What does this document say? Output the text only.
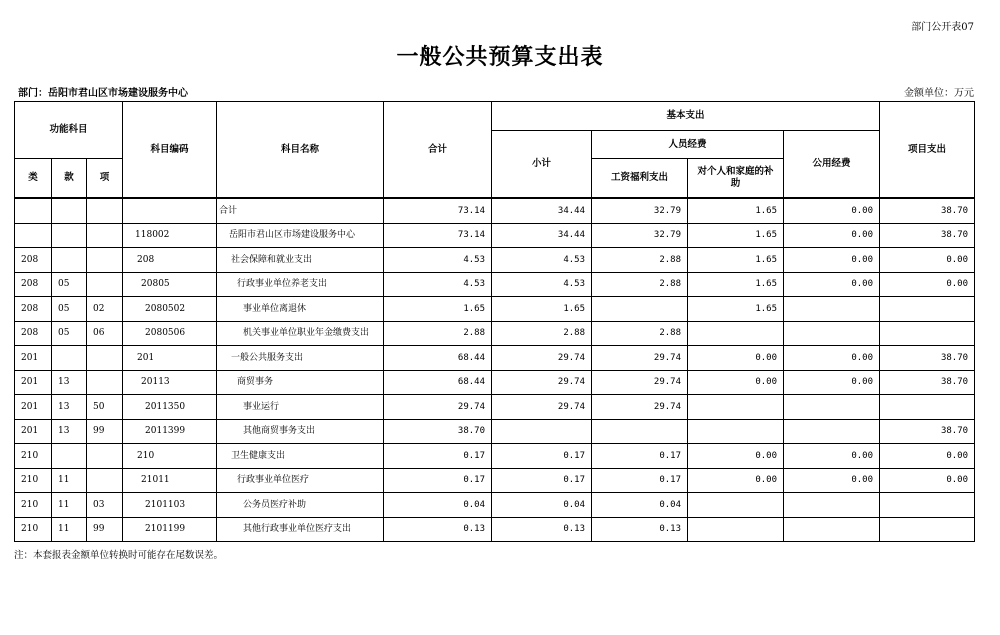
部门公开表07
一般公共预算支出表
部门：岳阳市君山区市场建设服务中心	金额单位：万元
功能科目			科目编码	科目名称	合计	基本支出				项目支出
						小计	人员经费		公用经费	
类	款	项					工资福利支出	对个人和家庭的补助		
				合计	73.14	34.44	32.79	1.65	0.00	38.70
			118002	岳阳市君山区市场建设服务中心	73.14	34.44	32.79	1.65	0.00	38.70
208			208	社会保障和就业支出	4.53	4.53	2.88	1.65	0.00	0.00
208	05		20805	行政事业单位养老支出	4.53	4.53	2.88	1.65	0.00	0.00
208	05	02	2080502	事业单位离退休	1.65	1.65		1.65		
208	05	06	2080506	机关事业单位职业年金缴费支出	2.88	2.88	2.88			
201			201	一般公共服务支出	68.44	29.74	29.74	0.00	0.00	38.70
201	13		20113	商贸事务	68.44	29.74	29.74	0.00	0.00	38.70
201	13	50	2011350	事业运行	29.74	29.74	29.74			
201	13	99	2011399	其他商贸事务支出	38.70					38.70
210			210	卫生健康支出	0.17	0.17	0.17	0.00	0.00	0.00
210	11		21011	行政事业单位医疗	0.17	0.17	0.17	0.00	0.00	0.00
210	11	03	2101103	公务员医疗补助	0.04	0.04	0.04			
210	11	99	2101199	其他行政事业单位医疗支出	0.13	0.13	0.13			
注：本套报表金额单位转换时可能存在尾数误差。
